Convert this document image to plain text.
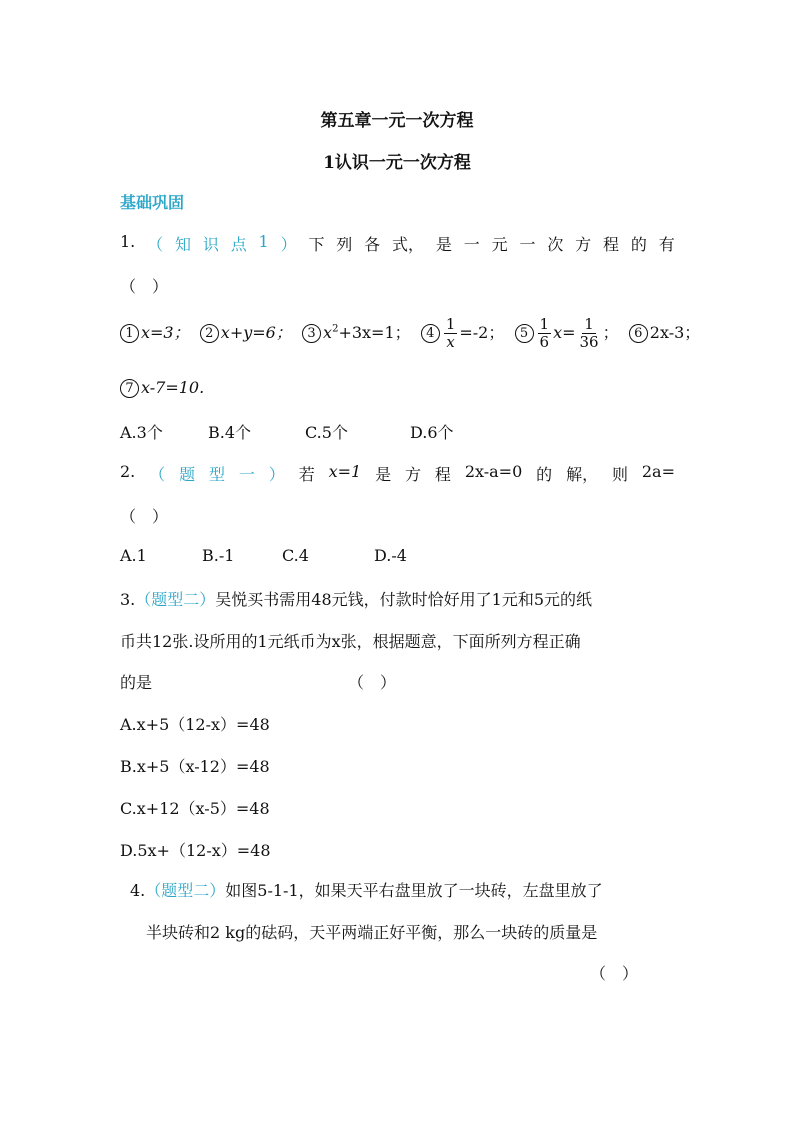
第五章一元一次方程
1认识一元一次方程
基础巩固
1. （ 知 识 点 1 ） 下 列 各 式， 是 一 元 一 次 方 程 的 有
（　）
1 x=3； 2 x+y=6； 3 $x^2+3x=1$； $4 \frac{1}{x} =-2$； $5 \frac{1}{6} x= \frac{1}{36}$ ； 6 2x-3；
7 x-7=10.
A.3个	B.4个	C.5个	D.6个
2. （ 题 型 一 ） 若 x=1 是 方 程 2x-a=0 的 解， 则 2a=
（　）
A.1	B.-1	C.4	D.-4
3.（题型二）吴悦买书需用48元钱，付款时恰好用了1元和5元的纸
币共12张.设所用的1元纸币为x张，根据题意，下面所列方程正确
的是	（　）
A.x+5（12-x）=48
B.x+5（x-12）=48
C.x+12（x-5）=48
D.5x+（12-x）=48
4.（题型二）如图5-1-1，如果天平右盘里放了一块砖，左盘里放了
半块砖和2 kg的砝码，天平两端正好平衡，那么一块砖的质量是
（　）
